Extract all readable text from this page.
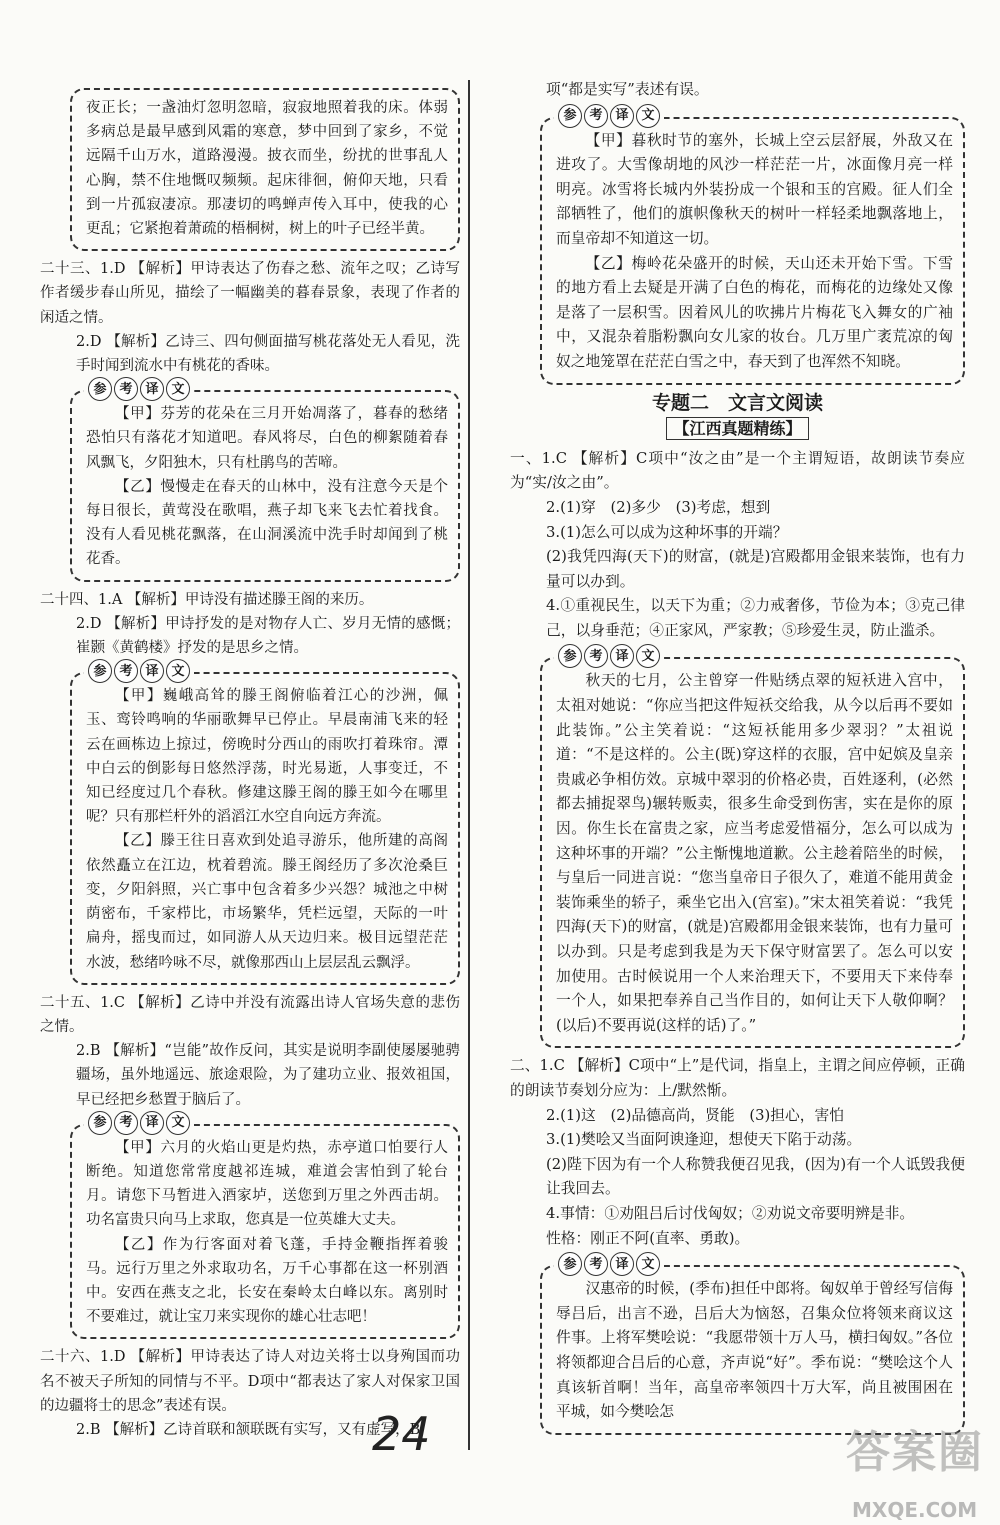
夜正长；一盏油灯忽明忽暗，寂寂地照着我的床。体弱多病总是最早感到风霜的寒意，梦中回到了家乡，不觉远隔千山万水，道路漫漫。披衣而坐，纷扰的世事乱人心胸，禁不住地慨叹频频。起床徘徊，俯仰天地，只看到一片孤寂凄凉。那凄切的鸣蝉声传入耳中，使我的心更乱；它紧抱着萧疏的梧桐树，树上的叶子已经半黄。

二十三、1.D 【解析】甲诗表达了伤春之愁、流年之叹；乙诗写作者缓步春山所见，描绘了一幅幽美的暮春景象，表现了作者的闲适之情。

2.D 【解析】乙诗三、四句侧面描写桃花落处无人看见，洗手时闻到流水中有桃花的香味。

参 考 译 文

【甲】芬芳的花朵在三月开始凋落了，暮春的愁绪恐怕只有落花才知道吧。春风将尽，白色的柳絮随着春风飘飞，夕阳独木，只有杜鹃鸟的苦啼。

【乙】慢慢走在春天的山林中，没有注意今天是个每日很长，黄莺没在歌唱，燕子却飞来飞去忙着找食。没有人看见桃花飘落，在山洞溪流中洗手时却闻到了桃花香。

二十四、1.A 【解析】甲诗没有描述滕王阁的来历。

2.D 【解析】甲诗抒发的是对物存人亡、岁月无情的感慨；崔颢《黄鹤楼》抒发的是思乡之情。

参 考 译 文

【甲】巍峨高耸的滕王阁俯临着江心的沙洲，佩玉、鸾铃鸣响的华丽歌舞早已停止。早晨南浦飞来的轻云在画栋边上掠过，傍晚时分西山的雨吹打着珠帘。潭中白云的倒影每日悠然浮荡，时光易逝，人事变迁，不知已经度过几个春秋。修建这滕王阁的滕王如今在哪里呢？只有那栏杆外的滔滔江水空自向远方奔流。

【乙】滕王往日喜欢到处追寻游乐，他所建的高阁依然矗立在江边，枕着碧流。滕王阁经历了多次沧桑巨变，夕阳斜照，兴亡事中包含着多少兴怨？城池之中树荫密布，千家栉比，市场繁华，凭栏远望，天际的一叶扁舟，摇曳而过，如同游人从天边归来。极目远望茫茫水波，愁绪吟咏不尽，就像那西山上层层乱云飘浮。

二十五、1.C 【解析】乙诗中并没有流露出诗人官场失意的悲伤之情。

2.B 【解析】“岂能”故作反问，其实是说明李副使屡屡驰骋疆场，虽外地遥远、旅途艰险，为了建功立业、报效祖国，早已经把乡愁置于脑后了。

参 考 译 文

【甲】六月的火焰山更是灼热，赤亭道口怕要行人断绝。知道您常常度越祁连城，难道会害怕到了轮台月。请您下马暂进入酒家垆，送您到万里之外西击胡。功名富贵只向马上求取，您真是一位英雄大丈夫。

【乙】作为行客面对着飞蓬，手持金鞭指挥着骏马。远行万里之外求取功名，万千心事都在这一杯别酒中。安西在燕支之北，长安在秦岭太白峰以东。离别时不要难过，就让宝刀来实现你的雄心壮志吧！

二十六、1.D 【解析】甲诗表达了诗人对边关将士以身殉国而功名不被天子所知的同情与不平。D项中“都表达了家人对保家卫国的边疆将士的思念”表述有误。

2.B 【解析】乙诗首联和颔联既有实写，又有虚写，B

项“都是实写”表述有误。

参 考 译 文

【甲】暮秋时节的塞外，长城上空云层舒展，外敌又在进攻了。大雪像胡地的风沙一样茫茫一片，冰面像月亮一样明亮。冰雪将长城内外装扮成一个银和玉的宫殿。征人们全部牺牲了，他们的旗帜像秋天的树叶一样轻柔地飘落地上，而皇帝却不知道这一切。

【乙】梅岭花朵盛开的时候，天山还未开始下雪。下雪的地方看上去疑是开满了白色的梅花，而梅花的边缘处又像是落了一层积雪。因着风儿的吹拂片片梅花飞入舞女的广袖中，又混杂着脂粉飘向女儿家的妆台。几万里广袤荒凉的匈奴之地笼罩在茫茫白雪之中，春天到了也浑然不知晓。

专题二　文言文阅读
【江西真题精练】

一、1.C 【解析】C项中“汝之由”是一个主谓短语，故朗读节奏应为“实/汝之由”。

2.(1)穿　(2)多少　(3)考虑，想到

3.(1)怎么可以成为这种坏事的开端？

(2)我凭四海(天下)的财富，(就是)宫殿都用金银来装饰，也有力量可以办到。

4.①重视民生，以天下为重；②力戒奢侈，节俭为本；③克己律己，以身垂范；④正家风，严家教；⑤珍爱生灵，防止滥杀。

参 考 译 文

秋天的七月，公主曾穿一件贴绣点翠的短袄进入宫中，太祖对她说：“你应当把这件短袄交给我，从今以后再不要如此装饰。”公主笑着说：“这短袄能用多少翠羽？”太祖说道：“不是这样的。公主(既)穿这样的衣服，宫中妃嫔及皇亲贵戚必争相仿效。京城中翠羽的价格必贵，百姓逐利，(必然都去捕捉翠鸟)辗转贩卖，很多生命受到伤害，实在是你的原因。你生长在富贵之家，应当考虑爱惜福分，怎么可以成为这种坏事的开端？”公主惭愧地道歉。公主趁着陪坐的时候，与皇后一同进言说：“您当皇帝日子很久了，难道不能用黄金装饰乘坐的轿子，乘坐它出入(宫室)。”宋太祖笑着说：“我凭四海(天下)的财富，(就是)宫殿都用金银来装饰，也有力量可以办到。只是考虑到我是为天下保守财富罢了。怎么可以安加使用。古时候说用一个人来治理天下，不要用天下来侍奉一个人，如果把奉养自己当作目的，如何让天下人敬仰啊？(以后)不要再说(这样的话)了。”

二、1.C 【解析】C项中“上”是代词，指皇上，主谓之间应停顿，正确的朗读节奏划分应为：上/默然惭。

2.(1)这　(2)品德高尚，贤能　(3)担心，害怕

3.(1)樊哙又当面阿谀逢迎，想使天下陷于动荡。

(2)陛下因为有一个人称赞我便召见我，(因为)有一个人诋毁我便让我回去。

4.事情：①劝阻吕后讨伐匈奴；②劝说文帝要明辨是非。

性格：刚正不阿(直率、勇敢)。

参 考 译 文

汉惠帝的时候，(季布)担任中郎将。匈奴单于曾经写信侮辱吕后，出言不逊，吕后大为恼怒，召集众位将领来商议这件事。上将军樊哙说：“我愿带领十万人马，横扫匈奴。”各位将领都迎合吕后的心意，齐声说“好”。季布说：“樊哙这个人真该斩首啊！当年，高皇帝率领四十万大军，尚且被围困在平城，如今樊哙怎

24	答案圈
MXQE.COM
